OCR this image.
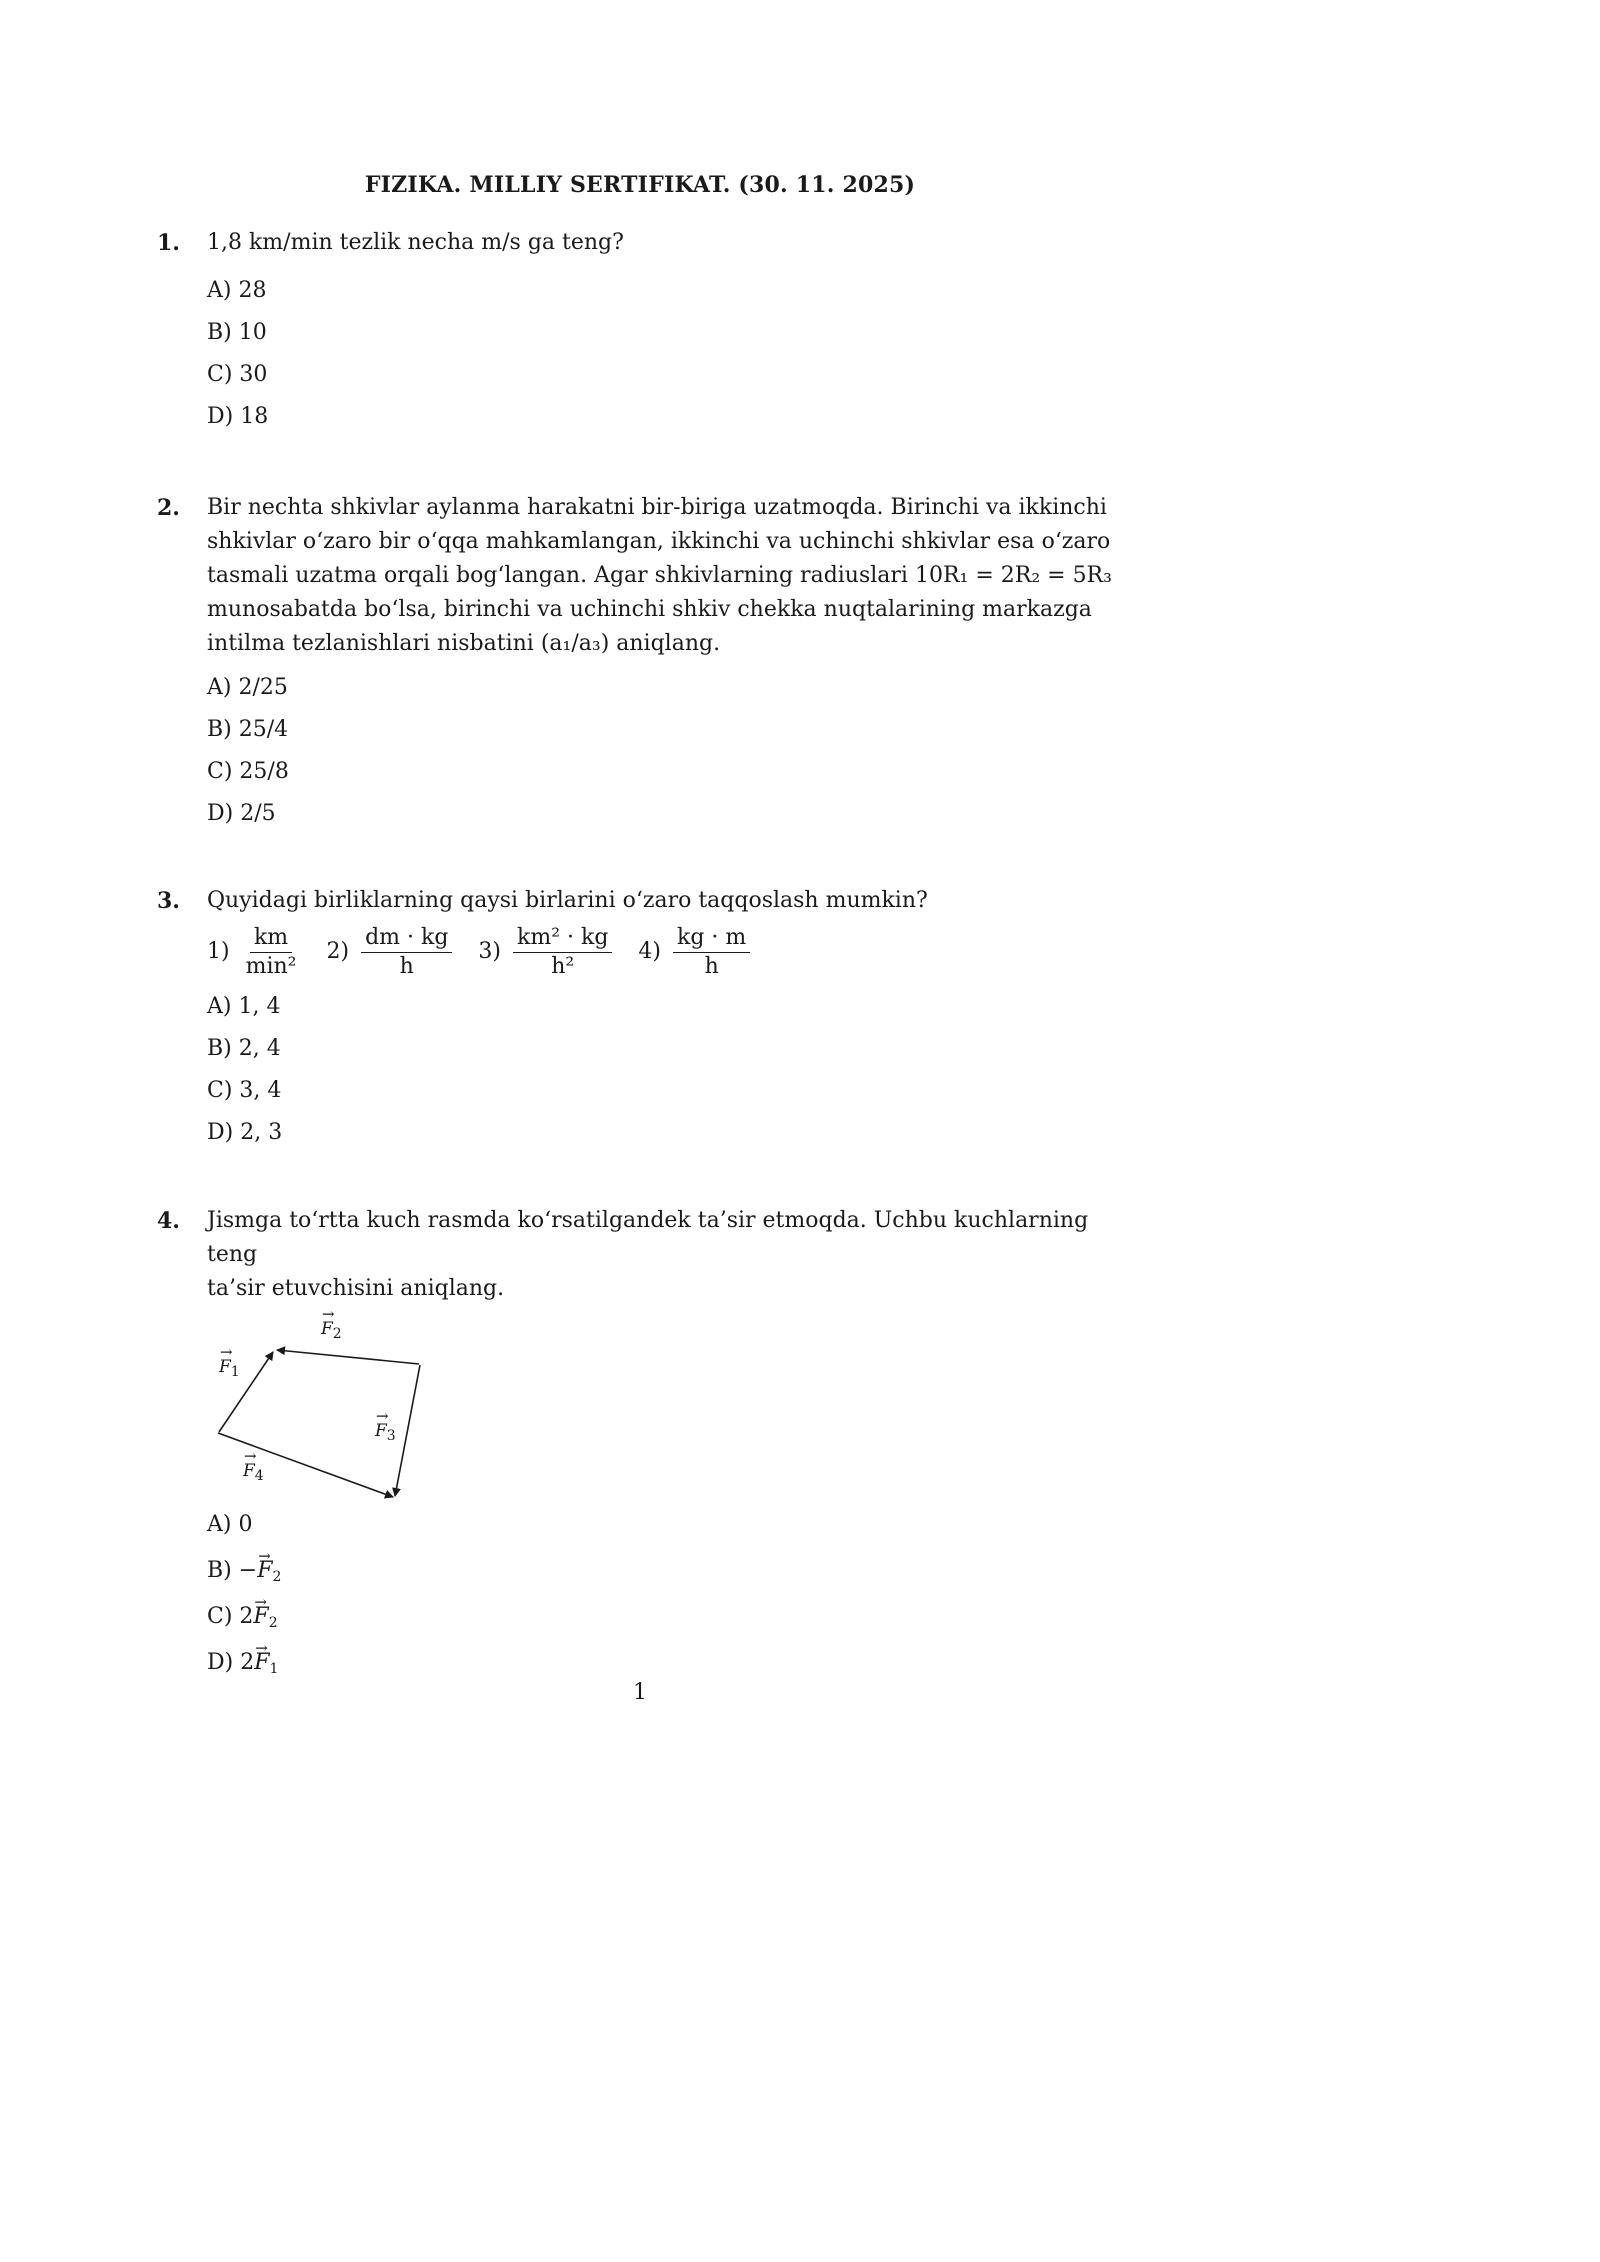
FIZIKA. MILLIY SERTIFIKAT. (30. 11. 2025)
1. 1,8 km/min tezlik necha m/s ga teng?
A) 28
B) 10
C) 30
D) 18
2. Bir nechta shkivlar aylanma harakatni bir-biriga uzatmoqda. Birinchi va ikkinchi
shkivlar o‘zaro bir o‘qqa mahkamlangan, ikkinchi va uchinchi shkivlar esa o‘zaro
tasmali uzatma orqali bog‘langan. Agar shkivlarning radiuslari 10R₁ = 2R₂ = 5R₃
munosabatda bo‘lsa, birinchi va uchinchi shkiv chekka nuqtalarining markazga
intilma tezlanishlari nisbatini (a₁/a₃) aniqlang.
A) 2/25
B) 25/4
C) 25/8
D) 2/5
3. Quyidagi birliklarning qaysi birlarini o‘zaro taqqoslash mumkin?
$1) \frac{km}{\text{min²}} 2) \frac{dm \cdot kg}{h} 3) \frac{\text{km² · kg}}{\text{h²}} 4) \frac{kg \cdot m}{h}$
A) 1, 4
B) 2, 4
C) 3, 4
D) 2, 3
4. Jismga to‘rtta kuch rasmda ko‘rsatilgandek ta’sir etmoqda. Uchbu kuchlarning teng
ta’sir etuvchisini aniqlang.
→ $F_1$
→ $F_2$
→ $F_3$
→ $F_4$
A) 0
$B) -\to F_2$
C) $2\to F_2$
D) $2\to F_1$
1
